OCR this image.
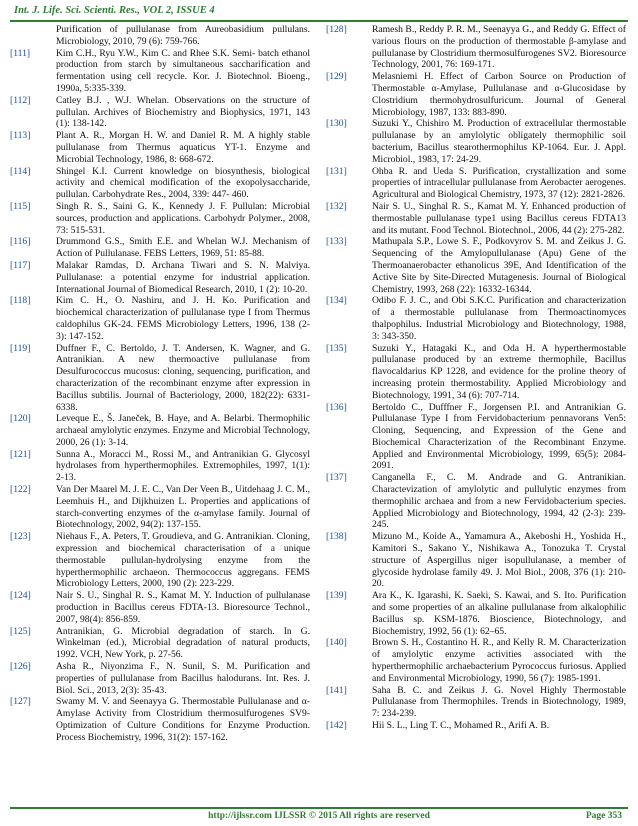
Int. J. Life. Sci. Scienti. Res., VOL 2, ISSUE 4

Purification of pullulanase from Aureobasidium pullulans. Microbiology, 2010, 79 (6): 759-766.

[111]	Kim C.H., Ryu Y.W., Kim C. and Rhee S.K. Semi- batch ethanol production from starch by simultaneous saccharification and fermentation using cell recycle. Kor. J. Biotechnol. Bioeng., 1990a, 5:335-339.

[112]	Catley B.J. , W.J. Whelan. Observations on the structure of pullulan. Archives of Biochemistry and Biophysics, 1971, 143 (1): 138-142.

[113]	Plant A. R., Morgan H. W. and Daniel R. M. A highly stable pullulanase from Thermus aquaticus YT-1. Enzyme and Microbial Technology, 1986, 8: 668-672.

[114]	Shingel K.I. Current knowledge on biosynthesis, biological activity and chemical modification of the exopolysaccharide, pullulan. Carbohydrate Res., 2004, 339: 447- 460.

[115]	Singh R. S., Saini G. K., Kennedy J. F. Pullulan: Microbial sources, production and applications. Carbohydr Polymer., 2008, 73: 515-531.

[116]	Drummond G.S., Smith E.E. and Whelan W.J. Mechanism of Action of Pullulanase. FEBS Letters, 1969, 51: 85-88.

[117]	Malakar Ramdas, D. Archana Tiwari and S. N. Malviya. Pullulanase: a potential enzyme for industrial application. International Journal of Biomedical Research, 2010, 1 (2): 10-20.

[118]	Kim C. H., O. Nashiru, and J. H. Ko. Purification and biochemical characterization of pullulanase type I from Thermus caldophilus GK-24. FEMS Microbiology Letters, 1996, 138 (2-3): 147-152.

[119]	Duffner F., C. Bertoldo, J. T. Andersen, K. Wagner, and G. Antranikian. A new thermoactive pullulanase from Desulfurococcus mucosus: cloning, sequencing, purification, and characterization of the recombinant enzyme after expression in Bacillus subtilis. Journal of Bacteriology, 2000, 182(22): 6331-6338.

[120]	Leveque E., Š. Janeček, B. Haye, and A. Belarbi. Thermophilic archaeal amylolytic enzymes. Enzyme and Microbial Technology, 2000, 26 (1): 3-14.

[121]	Sunna A., Moracci M., Rossi M., and Antranikian G. Glycosyl hydrolases from hyperthermophiles. Extremophiles, 1997, 1(1): 2-13.

[122]	Van Der Maarel M. J. E. C., Van Der Veen B., Uitdehaag J. C. M., Leemhuis H., and Dijkhuizen L. Properties and applications of starch-converting enzymes of the α-amylase family. Journal of Biotechnology, 2002, 94(2): 137-155.

[123]	Niehaus F., A. Peters, T. Groudieva, and G. Antranikian. Cloning, expression and biochemical characterisation of a unique thermostable pullulan-hydrolysing enzyme from the hyperthermophilic archaeon. Thermococcus aggregans. FEMS Microbiology Letters, 2000, 190 (2): 223-229.

[124]	Nair S. U., Singhal R. S., Kamat M. Y. Induction of pullulanase production in Bacillus cereus FDTA-13. Bioresource Technol., 2007, 98(4): 856-859.

[125]	Antranikian, G. Microbial degradation of starch. In G. Winkelman (ed.), Microbial degradation of natural products, 1992. VCH, New York, p. 27-56.

[126]	Asha R., Niyonzima F., N. Sunil, S. M. Purification and properties of pullulanase from Bacillus halodurans. Int. Res. J. Biol. Sci., 2013, 2(3): 35-43.

[127]	Swamy M. V. and Seenayya G. Thermostable Pullulanase and α-Amylase Activity from Clostridium thermosulfurogenes SV9- Optimization of Culture Conditions for Enzyme Production. Process Biochemistry, 1996, 31(2): 157-162.

[128]	Ramesh B., Reddy P. R. M., Seenayya G., and Reddy G. Effect of various flours on the production of thermostable β-amylase and pullulanase by Clostridium thermosulfurogenes SV2. Bioresource Technology, 2001, 76: 169-171.

[129]	Melasniemi H. Effect of Carbon Source on Production of Thermostable α-Amylase, Pullulanase and α-Glucosidase by Clostridium thermohydrosulfuricum. Journal of General Microbiology, 1987, 133: 883-890.

[130]	Suzuki Y., Chishiro M. Production of extracellular thermostable pullulanase by an amylolytic obligately thermophilic soil bacterium, Bacillus stearothermophilus KP-1064. Eur. J. Appl. Microbiol., 1983, 17: 24-29.

[131]	Ohba R. and Ueda S. Purification, crystallization and some properties of intracellular pullulanase from Aerobacter aerogenes. Agricultural and Biological Chemistry, 1973, 37 (12): 2821-2826.

[132]	Nair S. U., Singhal R. S., Kamat M. Y. Enhanced production of thermostable pullulanase type1 using Bacillus cereus FDTA13 and its mutant. Food Technol. Biotechnol., 2006, 44 (2): 275-282.

[133]	Mathupala S.P., Lowe S. F., Podkovyrov S. M. and Zeikus J. G. Sequencing of the Amylopullulanase (Apu) Gene of the Thermoanaerobacter ethanolicus 39E, And Identification of the Active Site by Site-Directed Mutagenesis. Journal of Biological Chemistry, 1993, 268 (22): 16332-16344.

[134]	Odibo F. J. C., and Obi S.K.C. Purification and characterization of a thermostable pullulanase from Thermoactinomyces thalpophilus. Industrial Microbiology and Biotechnology, 1988, 3: 343-350.

[135]	Suzuki Y., Hatagaki K., and Oda H. A hyperthermostable pullulanase produced by an extreme thermophile, Bacillus flavocaldarius KP 1228, and evidence for the proline theory of increasing protein thermostability. Applied Microbiology and Biotechnology, 1991, 34 (6): 707-714.

[136]	Bertoldo C., Dufffner F., Jorgensen P.I. and Antranikian G. Pullulanase Type I from Fervidobacterium pennavorans Ven5: Cloning, Sequencing, and Expression of the Gene and Biochemical Characterization of the Recombinant Enzyme. Applied and Environmental Microbiology, 1999, 65(5): 2084-2091.

[137]	Canganella F., C. M. Andrade and G. Antranikian. Charactevization of amylolytic and pullulytic enzymes from thermophilic archaea and from a new Fervidobacterium species. Applied Microbiology and Biotechnology, 1994, 42 (2-3): 239-245.

[138]	Mizuno M., Koide A., Yamamura A., Akeboshi H., Yoshida H., Kamitori S., Sakano Y., Nishikawa A., Tonozuka T. Crystal structure of Aspergillus niger isopullulanase, a member of glycoside hydrolase family 49. J. Mol Biol., 2008, 376 (1): 210-20.

[139]	Ara K., K. Igarashi, K. Saeki, S. Kawai, and S. Ito. Purification and some properties of an alkaline pullulanase from alkalophilic Bacillus sp. KSM-1876. Bioscience, Biotechnology, and Biochemistry, 1992, 56 (1): 62–65.

[140]	Brown S. H., Costantino H. R., and Kelly R. M. Characterization of amylolytic enzyme activities associated with the hyperthermophilic archaebacterium Pyrococcus furiosus. Applied and Environmental Microbiology, 1990, 56 (7): 1985-1991.

[141]	Saha B. C. and Zeikus J. G. Novel Highly Thermostable Pullulanase from Thermophiles. Trends in Biotechnology, 1989, 7: 234-239.

[142]	Hii S. L., Ling T. C., Mohamed R., Arifi A. B.

http://ijlssr.com IJLSSR © 2015 All rights are reserved	Page 353
